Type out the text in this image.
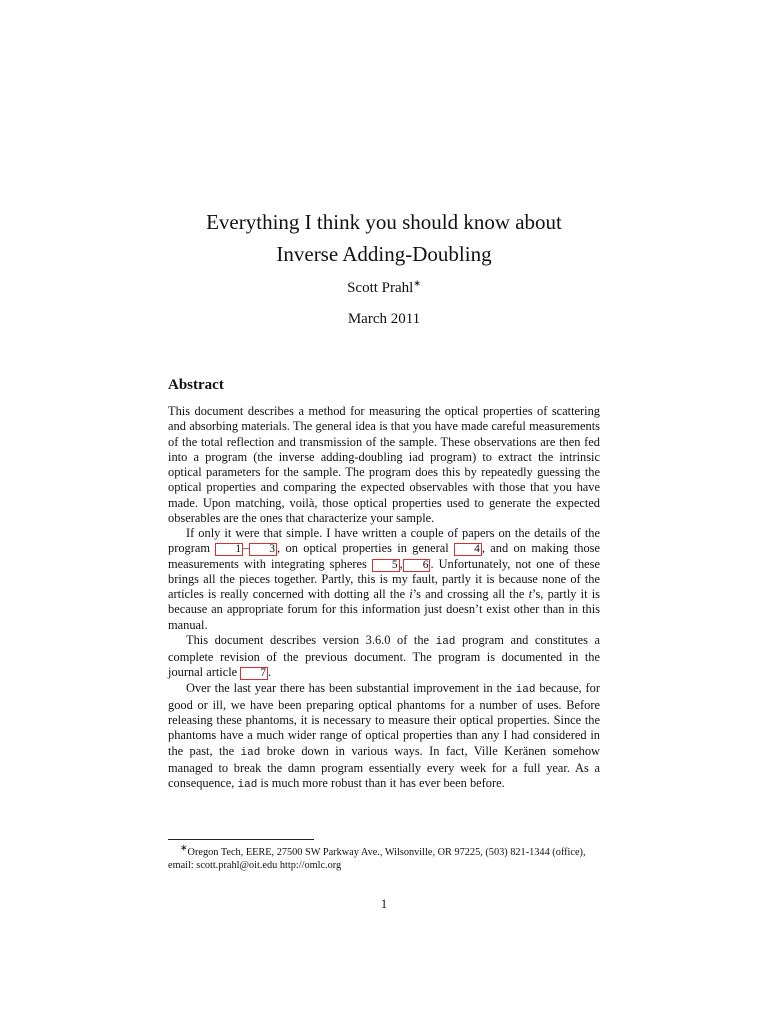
Everything I think you should know about
Inverse Adding-Doubling
Scott Prahl∗
March 2011
Abstract

This document describes a method for measuring the optical properties of scattering and absorbing materials. The general idea is that you have made careful measurements of the total reflection and transmission of the sample. These observations are then fed into a program (the inverse adding-doubling iad program) to extract the intrinsic optical parameters for the sample. The program does this by repeatedly guessing the optical properties and comparing the expected observables with those that you have made. Upon matching, voilà, those optical properties used to generate the expected obserables are the ones that characterize your sample.

If only it were that simple. I have written a couple of papers on the details of the program 1 – 3 , on optical properties in general 4 , and on making those measurements with integrating spheres 5 , 6 . Unfortunately, not one of these brings all the pieces together. Partly, this is my fault, partly it is because none of the articles is really concerned with dotting all the i’s and crossing all the t’s, partly it is because an appropriate forum for this information just doesn’t exist other than in this manual.

This document describes version 3.6.0 of the iad program and constitutes a complete revision of the previous document. The program is documented in the journal article 7 .

Over the last year there has been substantial improvement in the iad because, for good or ill, we have been preparing optical phantoms for a number of uses. Before releasing these phantoms, it is necessary to measure their optical properties. Since the phantoms have a much wider range of optical properties than any I had considered in the past, the iad broke down in various ways. In fact, Ville Keränen somehow managed to break the damn program essentially every week for a full year. As a consequence, iad is much more robust than it has ever been before.

∗Oregon Tech, EERE, 27500 SW Parkway Ave., Wilsonville, OR 97225, (503) 821-1344 (office), email: scott.prahl@oit.edu http://omlc.org
1
